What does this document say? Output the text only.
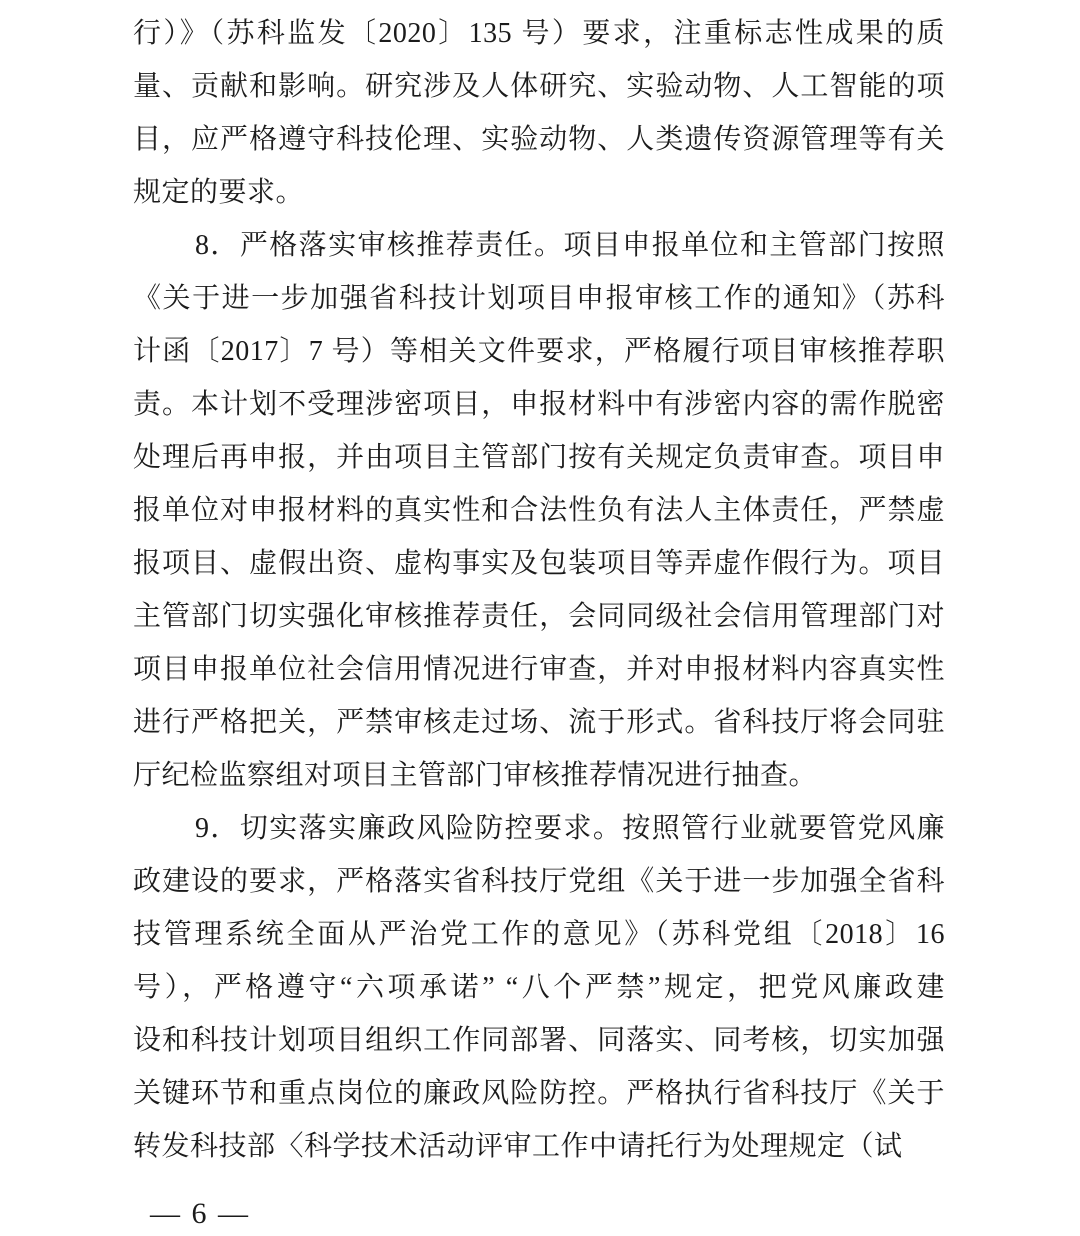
行）》（苏科监发〔2020〕135 号）要求，注重标志性成果的质
量、贡献和影响。研究涉及人体研究、实验动物、人工智能的项
目，应严格遵守科技伦理、实验动物、人类遗传资源管理等有关
规定的要求。
8．严格落实审核推荐责任。项目申报单位和主管部门按照
《关于进一步加强省科技计划项目申报审核工作的通知》（苏科
计函〔2017〕7 号）等相关文件要求，严格履行项目审核推荐职
责。本计划不受理涉密项目，申报材料中有涉密内容的需作脱密
处理后再申报，并由项目主管部门按有关规定负责审查。项目申
报单位对申报材料的真实性和合法性负有法人主体责任，严禁虚
报项目、虚假出资、虚构事实及包装项目等弄虚作假行为。项目
主管部门切实强化审核推荐责任，会同同级社会信用管理部门对
项目申报单位社会信用情况进行审查，并对申报材料内容真实性
进行严格把关，严禁审核走过场、流于形式。省科技厅将会同驻
厅纪检监察组对项目主管部门审核推荐情况进行抽查。
9．切实落实廉政风险防控要求。按照管行业就要管党风廉
政建设的要求，严格落实省科技厅党组《关于进一步加强全省科
技管理系统全面从严治党工作的意见》（苏科党组〔2018〕16
号），严格遵守“六项承诺” “八个严禁”规定，把党风廉政建
设和科技计划项目组织工作同部署、同落实、同考核，切实加强
关键环节和重点岗位的廉政风险防控。严格执行省科技厅《关于
转发科技部〈科学技术活动评审工作中请托行为处理规定（试
— 6 —
